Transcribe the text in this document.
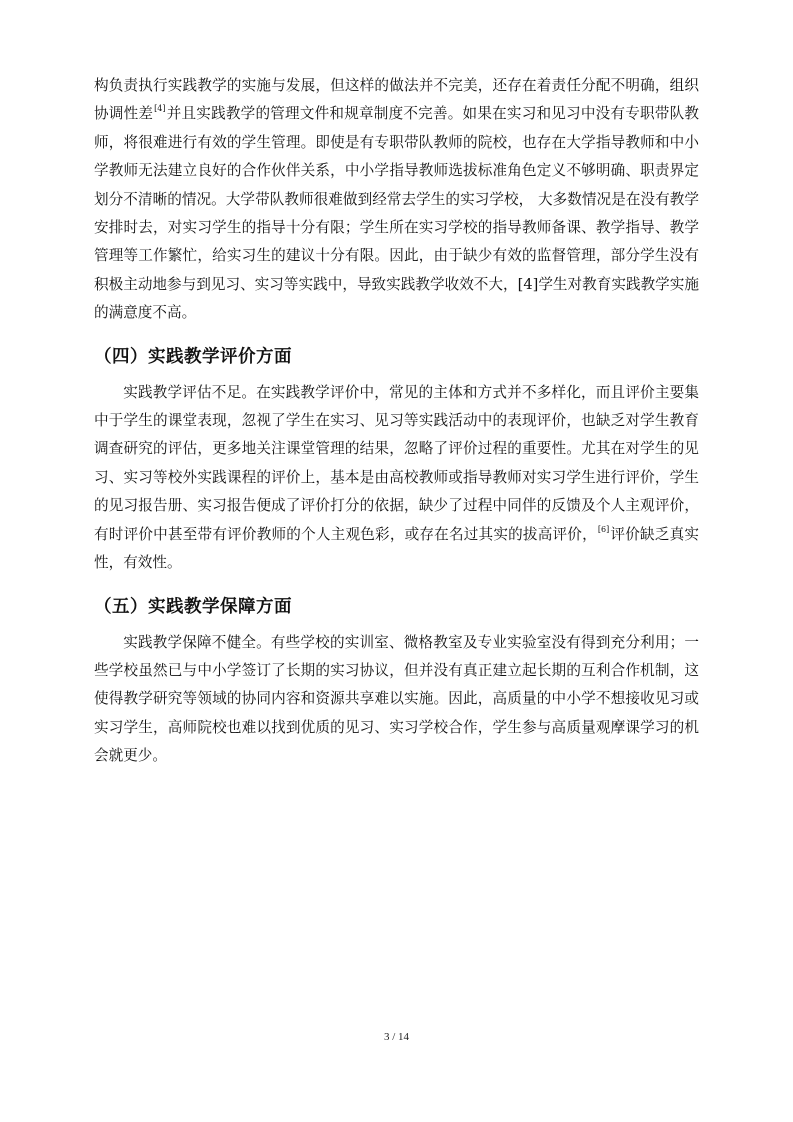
构负责执行实践教学的实施与发展，但这样的做法并不完美，还存在着责任分配不明确，组织协调性差[4]并且实践教学的管理文件和规章制度不完善。如果在实习和见习中没有专职带队教师，将很难进行有效的学生管理。即使是有专职带队教师的院校，也存在大学指导教师和中小学教师无法建立良好的合作伙伴关系，中小学指导教师选拔标准角色定义不够明确、职责界定划分不清晰的情况。大学带队教师很难做到经常去学生的实习学校， 大多数情况是在没有教学安排时去，对实习学生的指导十分有限；学生所在实习学校的指导教师备课、教学指导、教学管理等工作繁忙，给实习生的建议十分有限。因此，由于缺少有效的监督管理，部分学生没有积极主动地参与到见习、实习等实践中，导致实践教学收效不大，[4]学生对教育实践教学实施的满意度不高。

（四）实践教学评价方面

实践教学评估不足。在实践教学评价中，常见的主体和方式并不多样化，而且评价主要集中于学生的课堂表现，忽视了学生在实习、见习等实践活动中的表现评价，也缺乏对学生教育调查研究的评估，更多地关注课堂管理的结果，忽略了评价过程的重要性。尤其在对学生的见习、实习等校外实践课程的评价上，基本是由高校教师或指导教师对实习学生进行评价，学生的见习报告册、实习报告便成了评价打分的依据，缺少了过程中同伴的反馈及个人主观评价，有时评价中甚至带有评价教师的个人主观色彩，或存在名过其实的拔高评价，[6]评价缺乏真实性，有效性。

（五）实践教学保障方面

实践教学保障不健全。有些学校的实训室、微格教室及专业实验室没有得到充分利用；一些学校虽然已与中小学签订了长期的实习协议，但并没有真正建立起长期的互利合作机制，这使得教学研究等领域的协同内容和资源共享难以实施。因此，高质量的中小学不想接收见习或实习学生，高师院校也难以找到优质的见习、实习学校合作，学生参与高质量观摩课学习的机会就更少。

3 / 14
